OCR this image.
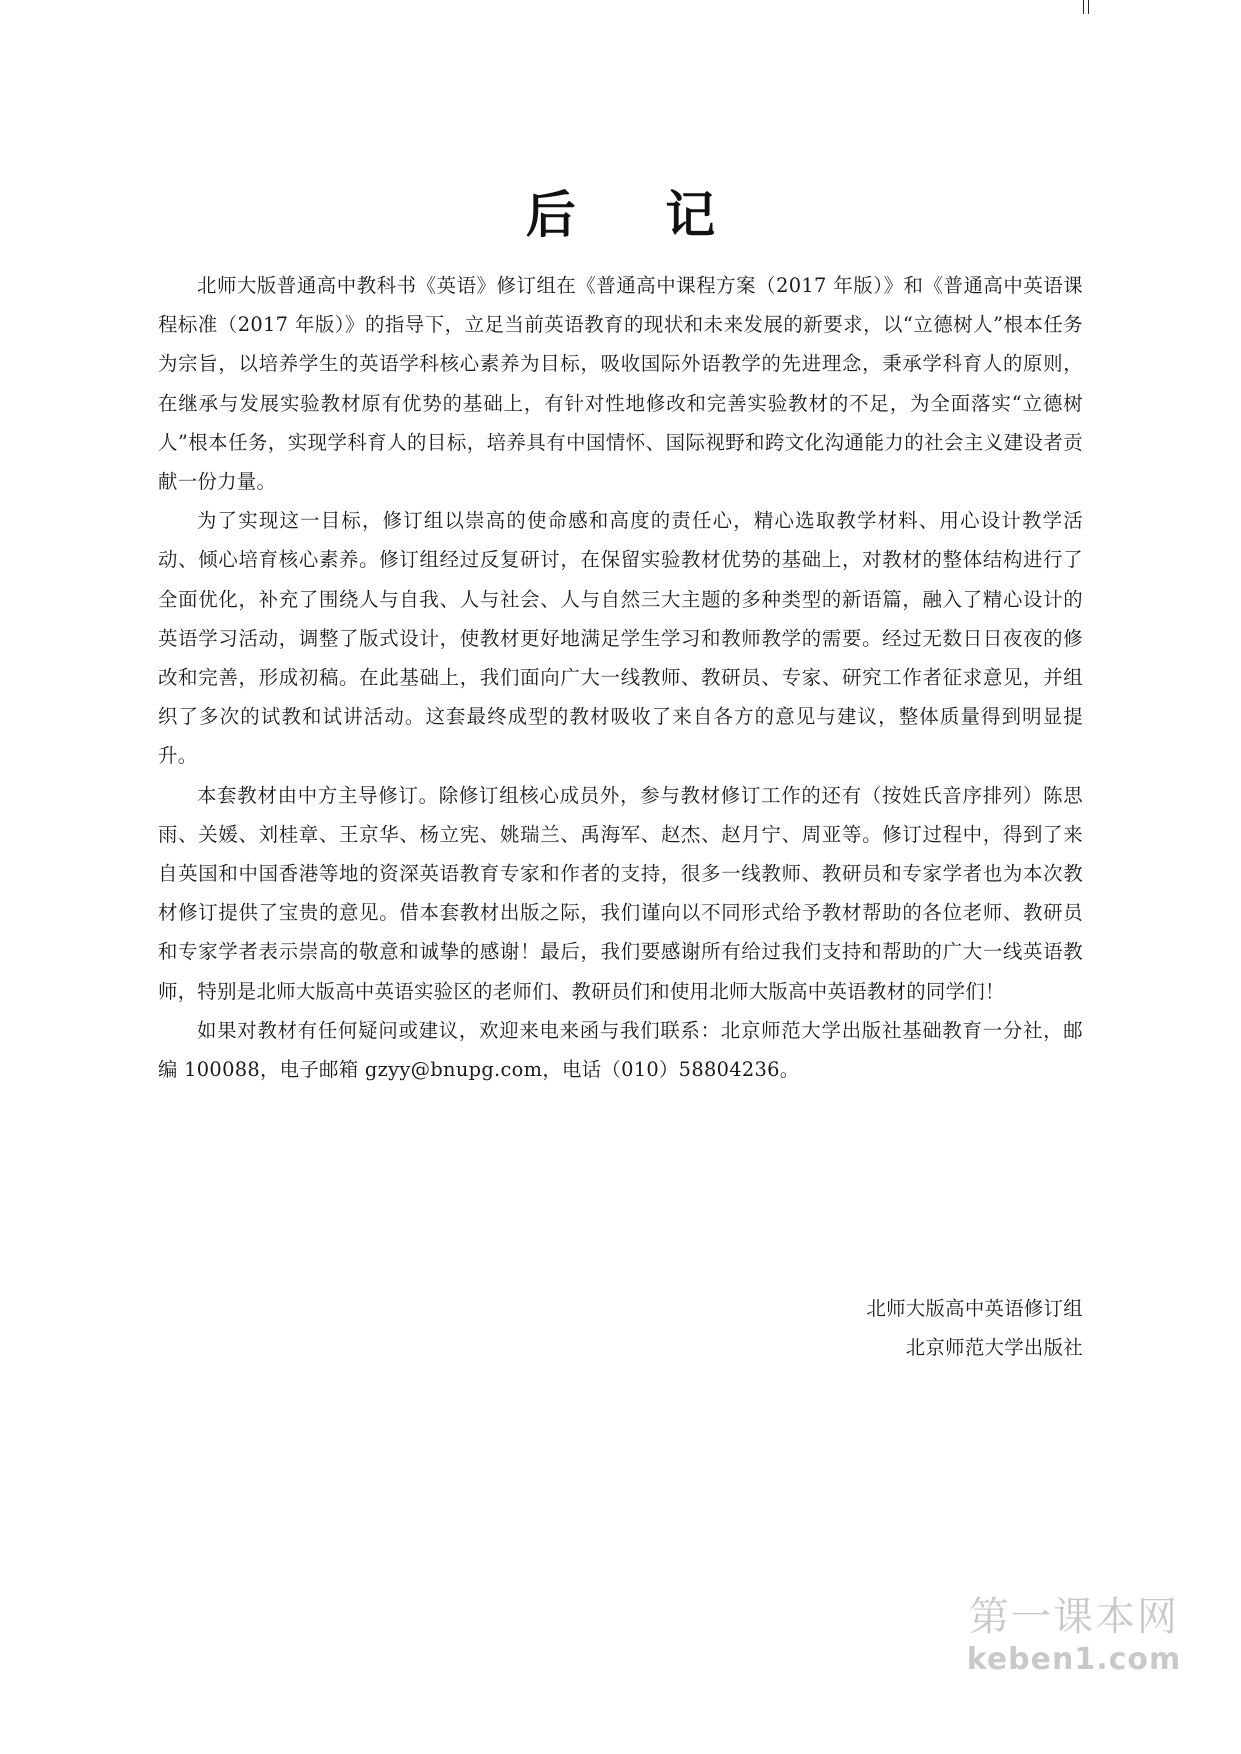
后 记

北师大版普通高中教科书《英语》修订组在《普通高中课程方案（2017 年版）》和《普通高中英语课程标准（2017 年版）》的指导下，立足当前英语教育的现状和未来发展的新要求，以“立德树人”根本任务为宗旨，以培养学生的英语学科核心素养为目标，吸收国际外语教学的先进理念，秉承学科育人的原则，在继承与发展实验教材原有优势的基础上，有针对性地修改和完善实验教材的不足，为全面落实“立德树人”根本任务，实现学科育人的目标，培养具有中国情怀、国际视野和跨文化沟通能力的社会主义建设者贡献一份力量。

为了实现这一目标，修订组以崇高的使命感和高度的责任心，精心选取教学材料、用心设计教学活动、倾心培育核心素养。修订组经过反复研讨，在保留实验教材优势的基础上，对教材的整体结构进行了全面优化，补充了围绕人与自我、人与社会、人与自然三大主题的多种类型的新语篇，融入了精心设计的英语学习活动，调整了版式设计，使教材更好地满足学生学习和教师教学的需要。经过无数日日夜夜的修改和完善，形成初稿。在此基础上，我们面向广大一线教师、教研员、专家、研究工作者征求意见，并组织了多次的试教和试讲活动。这套最终成型的教材吸收了来自各方的意见与建议，整体质量得到明显提升。

本套教材由中方主导修订。除修订组核心成员外，参与教材修订工作的还有（按姓氏音序排列）陈思雨、关媛、刘桂章、王京华、杨立宪、姚瑞兰、禹海军、赵杰、赵月宁、周亚等。修订过程中，得到了来自英国和中国香港等地的资深英语教育专家和作者的支持，很多一线教师、教研员和专家学者也为本次教材修订提供了宝贵的意见。借本套教材出版之际，我们谨向以不同形式给予教材帮助的各位老师、教研员和专家学者表示崇高的敬意和诚挚的感谢！最后，我们要感谢所有给过我们支持和帮助的广大一线英语教师，特别是北师大版高中英语实验区的老师们、教研员们和使用北师大版高中英语教材的同学们！

如果对教材有任何疑问或建议，欢迎来电来函与我们联系：北京师范大学出版社基础教育一分社，邮编 100088，电子邮箱 gzyy@bnupg.com，电话（010）58804236。

北师大版高中英语修订组

北京师范大学出版社

第一课本网
keben1.com
